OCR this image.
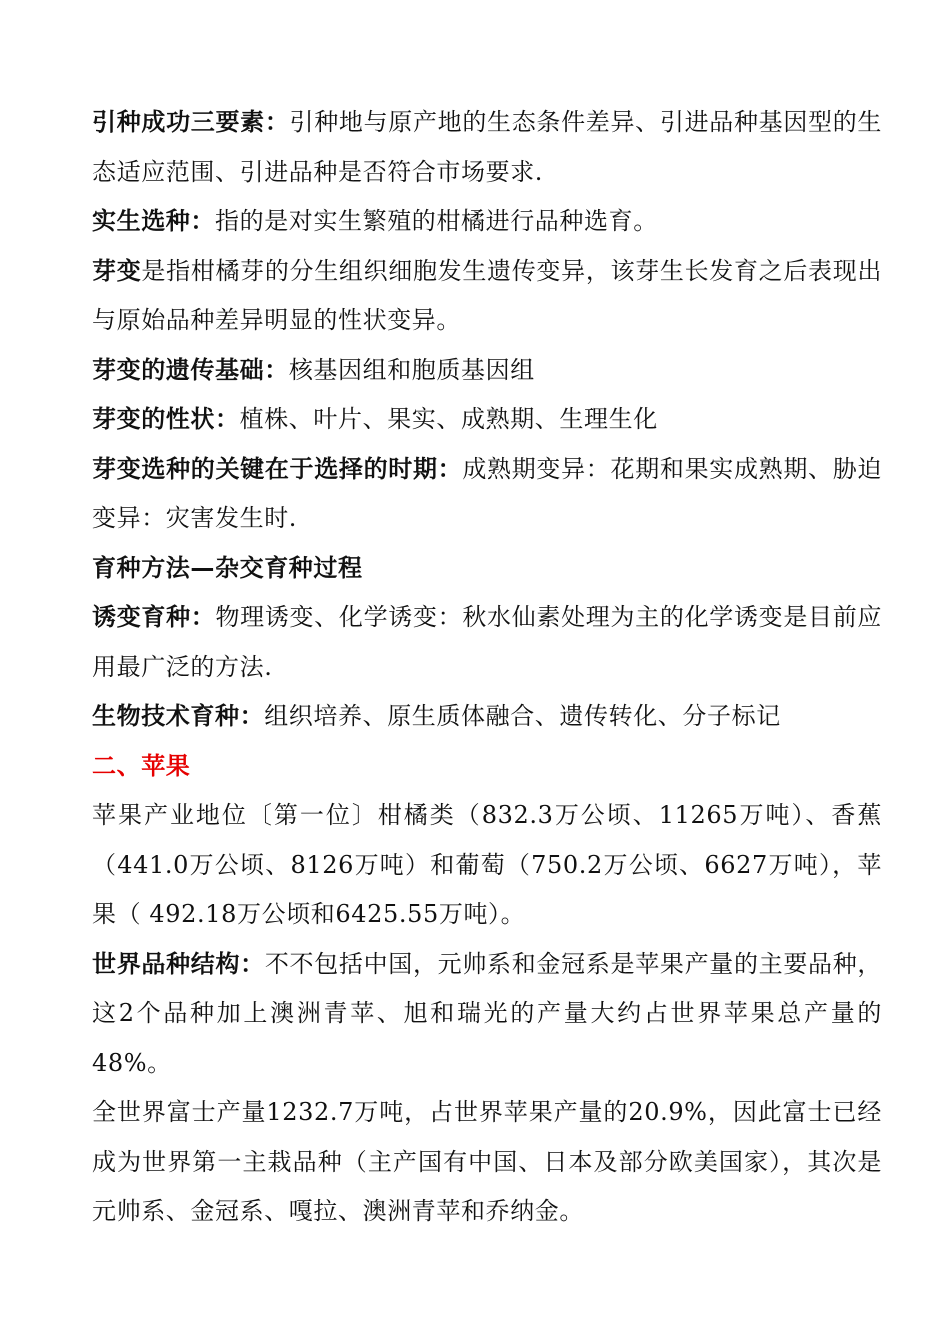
引种成功三要素：引种地与原产地的生态条件差异、引进品种基因型的生态适应范围、引进品种是否符合市场要求.

实生选种：指的是对实生繁殖的柑橘进行品种选育。

芽变是指柑橘芽的分生组织细胞发生遗传变异，该芽生长发育之后表现出与原始品种差异明显的性状变异。

芽变的遗传基础：核基因组和胞质基因组

芽变的性状：植株、叶片、果实、成熟期、生理生化

芽变选种的关键在于选择的时期：成熟期变异：花期和果实成熟期、胁迫变异：灾害发生时.

育种方法—杂交育种过程

诱变育种：物理诱变、化学诱变：秋水仙素处理为主的化学诱变是目前应用最广泛的方法.

生物技术育种：组织培养、原生质体融合、遗传转化、分子标记

二、苹果

苹果产业地位〔第一位〕柑橘类（832.3万公顷、11265万吨）、香蕉（441.0万公顷、8126万吨）和葡萄（750.2万公顷、6627万吨），苹果（ 492.18万公顷和6425.55万吨）。

世界品种结构：不不包括中国，元帅系和金冠系是苹果产量的主要品种，这2个品种加上澳洲青苹、旭和瑞光的产量大约占世界苹果总产量的48%。

全世界富士产量1232.7万吨，占世界苹果产量的20.9%，因此富士已经成为世界第一主栽品种（主产国有中国、日本及部分欧美国家），其次是元帅系、金冠系、嘎拉、澳洲青苹和乔纳金。
